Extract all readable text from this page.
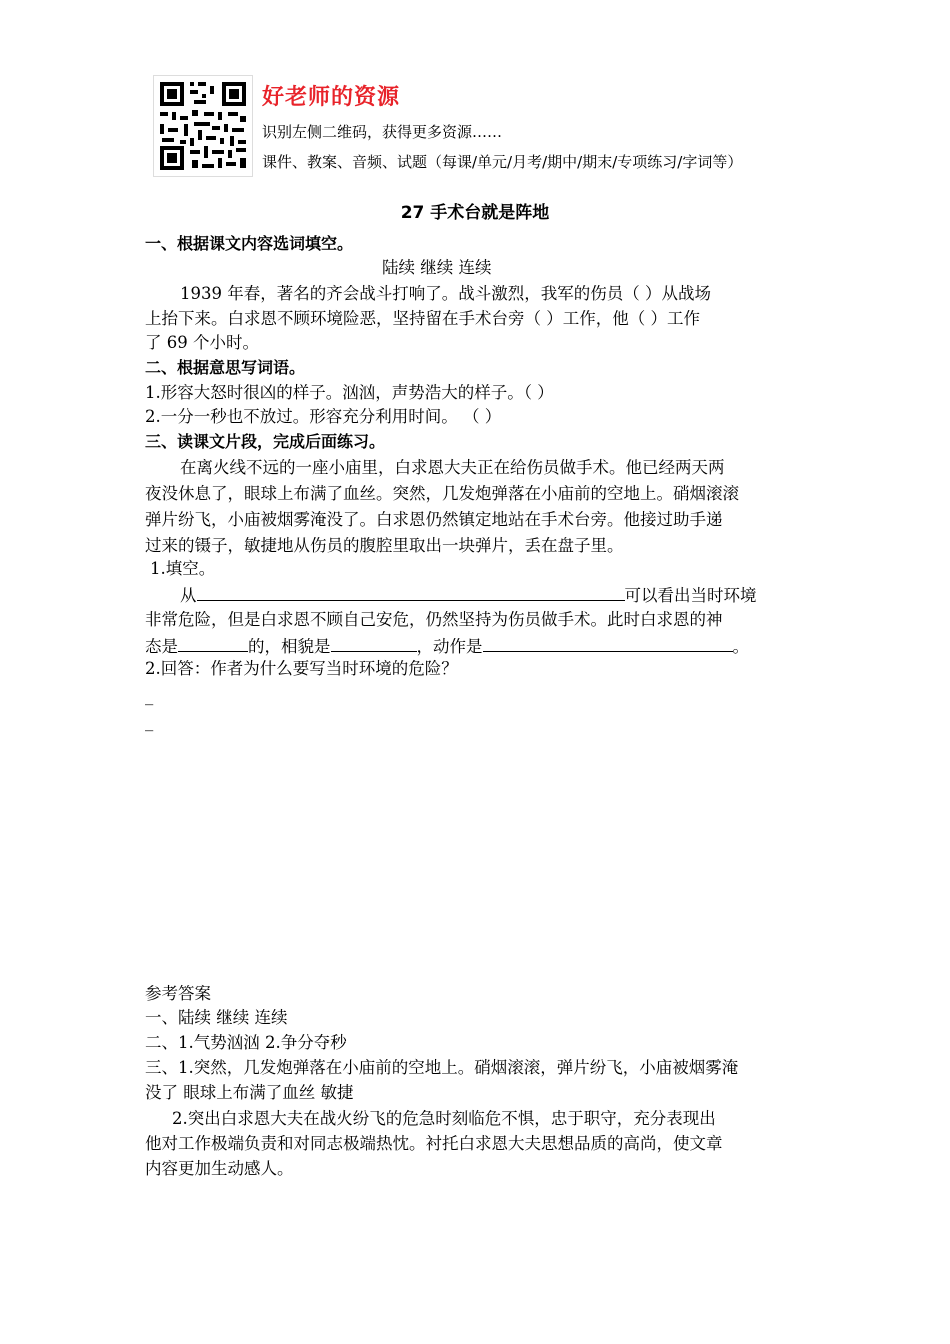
好老师的资源
识别左侧二维码，获得更多资源……
课件、教案、音频、试题（每课/单元/月考/期中/期末/专项练习/字词等）
27 手术台就是阵地
一、根据课文内容选词填空。
陆续 继续 连续
1939 年春，著名的齐会战斗打响了。战斗激烈，我军的伤员（ ）从战场
上抬下来。白求恩不顾环境险恶，坚持留在手术台旁（ ）工作，他（ ）工作
了 69 个小时。
二、根据意思写词语。
1.形容大怒时很凶的样子。汹汹，声势浩大的样子。（ ）
2.一分一秒也不放过。形容充分利用时间。 （ ）
三、读课文片段，完成后面练习。
在离火线不远的一座小庙里，白求恩大夫正在给伤员做手术。他已经两天两
夜没休息了，眼球上布满了血丝。突然，几发炮弹落在小庙前的空地上。硝烟滚滚
弹片纷飞，小庙被烟雾淹没了。白求恩仍然镇定地站在手术台旁。他接过助手递
过来的镊子，敏捷地从伤员的腹腔里取出一块弹片，丢在盘子里。
1.填空。
从	可以看出当时环境
非常危险，但是白求恩不顾自己安危，仍然坚持为伤员做手术。此时白求恩的神
态是	的，相貌是	，动作是	。
2.回答：作者为什么要写当时环境的危险？
_
_
参考答案
一、陆续 继续 连续
二、1.气势汹汹 2.争分夺秒
三、1.突然，几发炮弹落在小庙前的空地上。硝烟滚滚，弹片纷飞，小庙被烟雾淹
没了 眼球上布满了血丝 敏捷
2.突出白求恩大夫在战火纷飞的危急时刻临危不惧，忠于职守，充分表现出
他对工作极端负责和对同志极端热忱。衬托白求恩大夫思想品质的高尚，使文章
内容更加生动感人。
